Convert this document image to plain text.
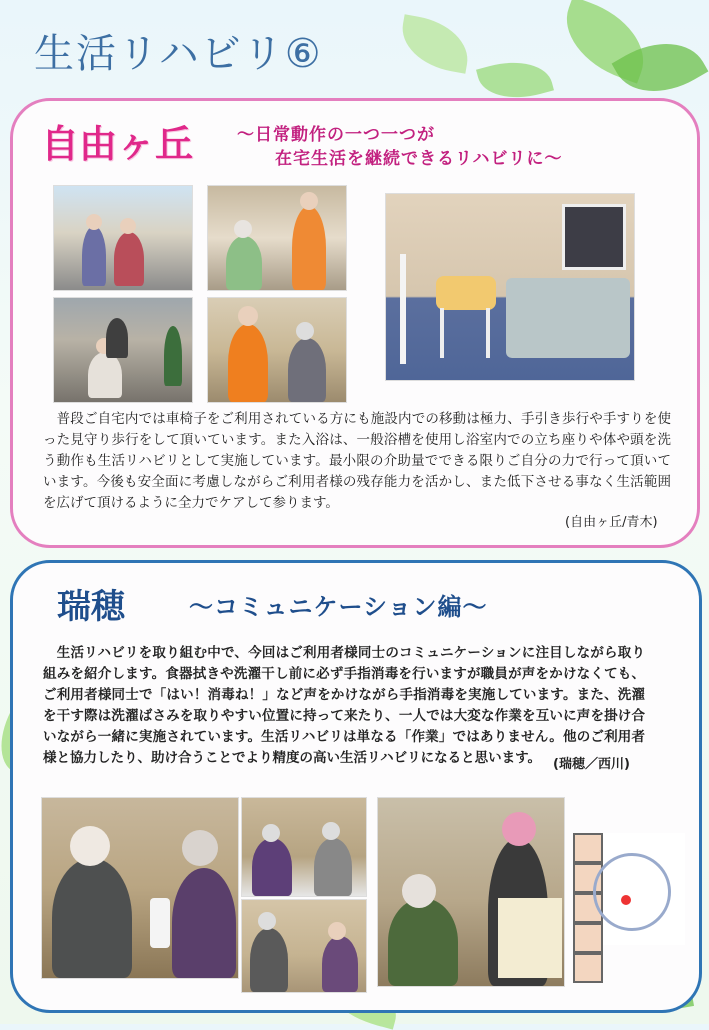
生活リハビリ⑥
自由ヶ丘	～日常動作の一つ一つが
在宅生活を継続できるリハビリに～
　普段ご自宅内では車椅子をご利用されている方にも施設内での移動は極力、手引き歩行や手すりを使った見守り歩行をして頂いています。また入浴は、一般浴槽を使用し浴室内での立ち座りや体や頭を洗う動作も生活リハビリとして実施しています。最小限の介助量でできる限りご自分の力で行って頂いています。今後も安全面に考慮しながらご利用者様の残存能力を活かし、また低下させる事なく生活範囲を広げて頂けるように全力でケアして参ります。
(自由ヶ丘/青木)
瑞穂	～コミュニケーション編～
　生活リハビリを取り組む中で、今回はご利用者様同士のコミュニケーションに注目しながら取り組みを紹介します。食器拭きや洗濯干し前に必ず手指消毒を行いますが職員が声をかけなくても、ご利用者様同士で「はい！消毒ね！」など声をかけながら手指消毒を実施しています。また、洗濯を干す際は洗濯ばさみを取りやすい位置に持って来たり、一人では大変な作業を互いに声を掛け合いながら一緒に実施されています。生活リハビリは単なる「作業」ではありません。他のご利用者様と協力したり、助け合うことでより精度の高い生活リハビリになると思います。 (瑞穂／西川)
